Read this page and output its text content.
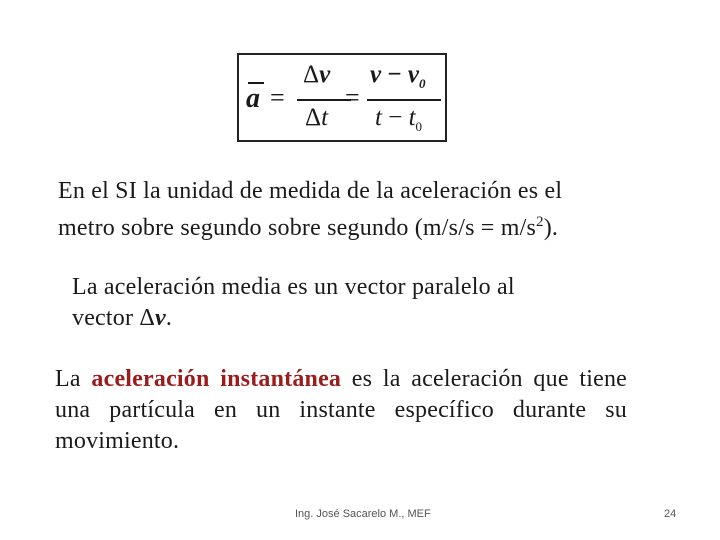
a =
Δv
Δt
=
$v - v_0$
$t - t_0$
En el SI la unidad de medida de la aceleración es el
metro sobre segundo sobre segundo $(m/s/s = m/s^2)$.
La aceleración media es un vector paralelo al
vector Δv.
La aceleración instantánea es la aceleración que tiene una partícula en un instante específico durante su movimiento.
Ing. José Sacarelo M., MEF	24
